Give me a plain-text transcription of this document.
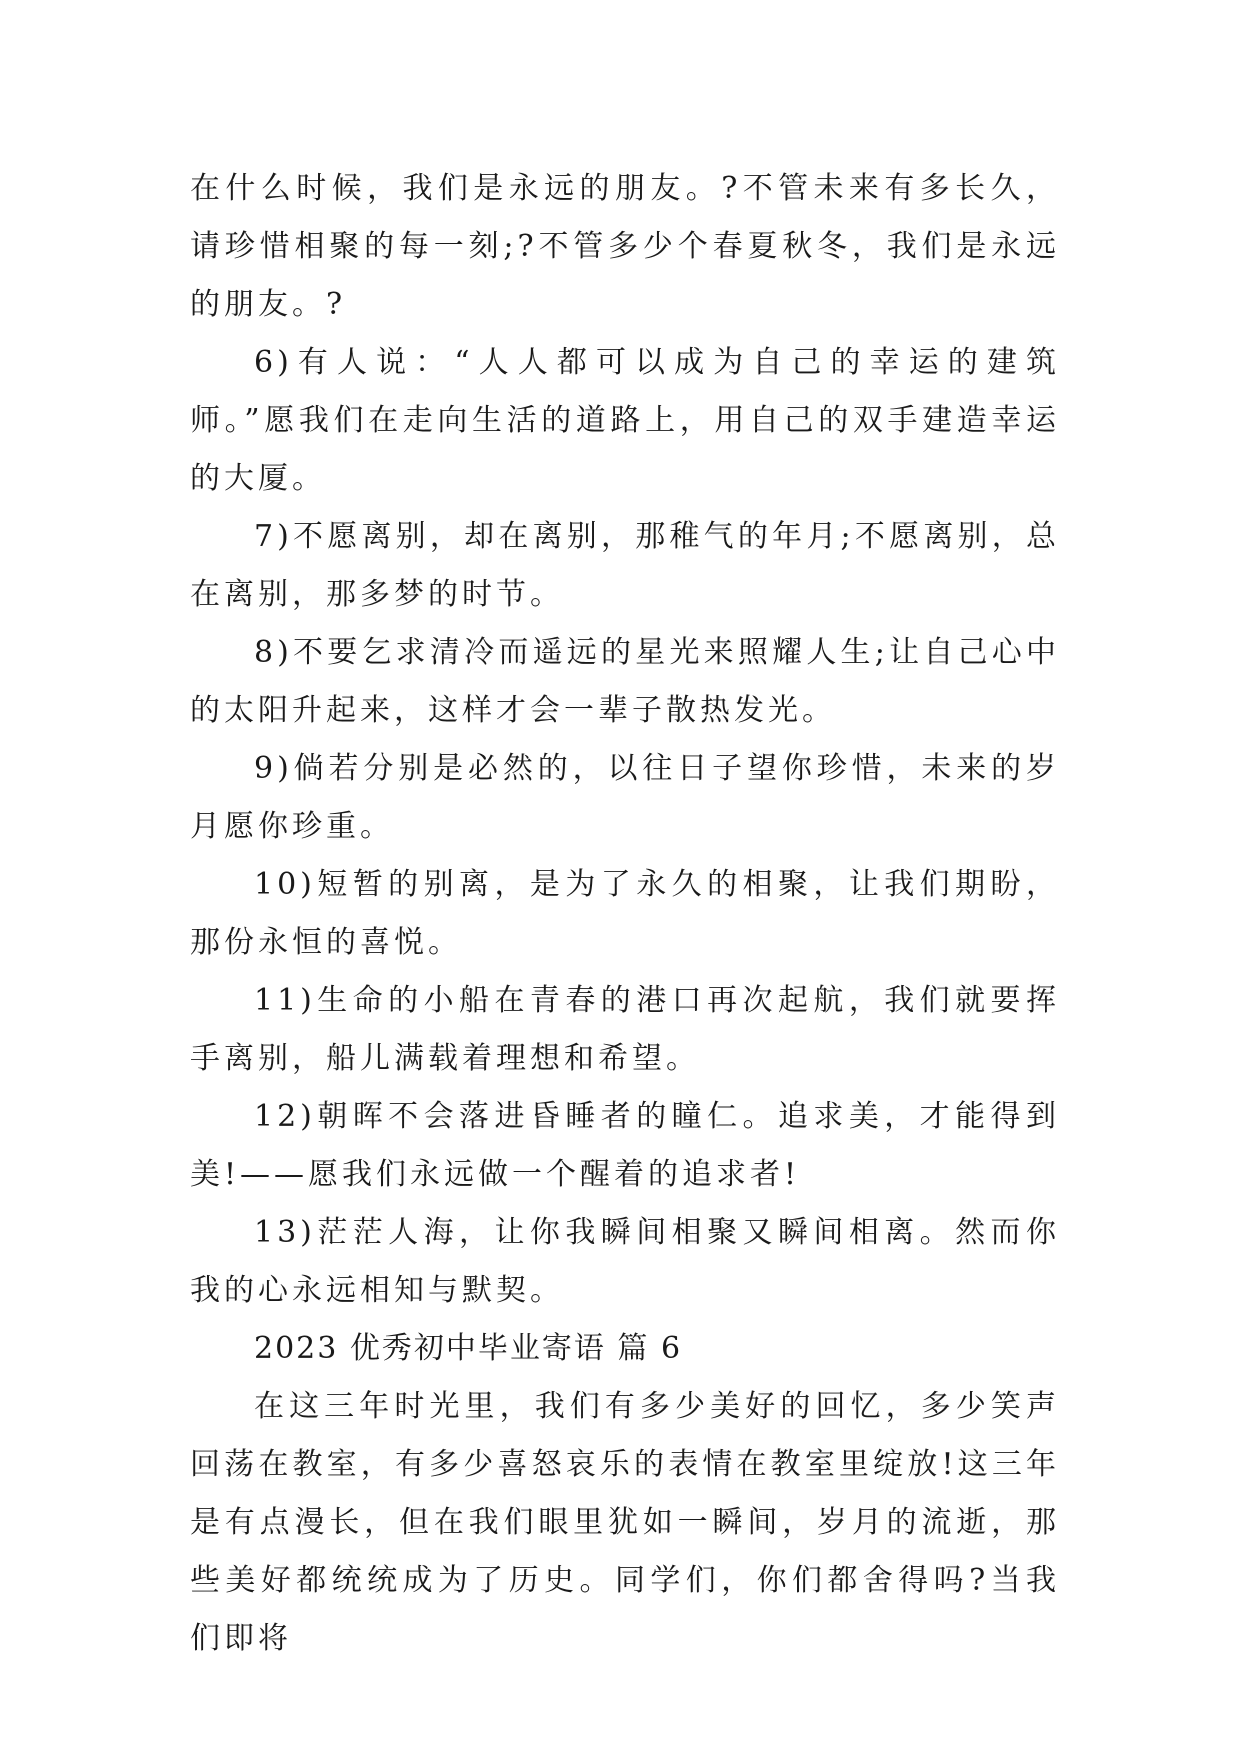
在什么时候，我们是永远的朋友。?不管未来有多长久，请珍惜相聚的每一刻;?不管多少个春夏秋冬，我们是永远的朋友。?

6)有人说：“人人都可以成为自己的幸运的建筑师。”愿我们在走向生活的道路上，用自己的双手建造幸运的大厦。

7)不愿离别，却在离别，那稚气的年月;不愿离别，总在离别，那多梦的时节。

8)不要乞求清冷而遥远的星光来照耀人生;让自己心中的太阳升起来，这样才会一辈子散热发光。

9)倘若分别是必然的，以往日子望你珍惜，未来的岁月愿你珍重。

10)短暂的别离，是为了永久的相聚，让我们期盼，那份永恒的喜悦。

11)生命的小船在青春的港口再次起航，我们就要挥手离别，船儿满载着理想和希望。

12)朝晖不会落进昏睡者的瞳仁。追求美，才能得到美!——愿我们永远做一个醒着的追求者!

13)茫茫人海，让你我瞬间相聚又瞬间相离。然而你我的心永远相知与默契。

2023 优秀初中毕业寄语 篇 6

在这三年时光里，我们有多少美好的回忆，多少笑声回荡在教室，有多少喜怒哀乐的表情在教室里绽放!这三年是有点漫长，但在我们眼里犹如一瞬间，岁月的流逝，那些美好都统统成为了历史。同学们，你们都舍得吗?当我们即将
